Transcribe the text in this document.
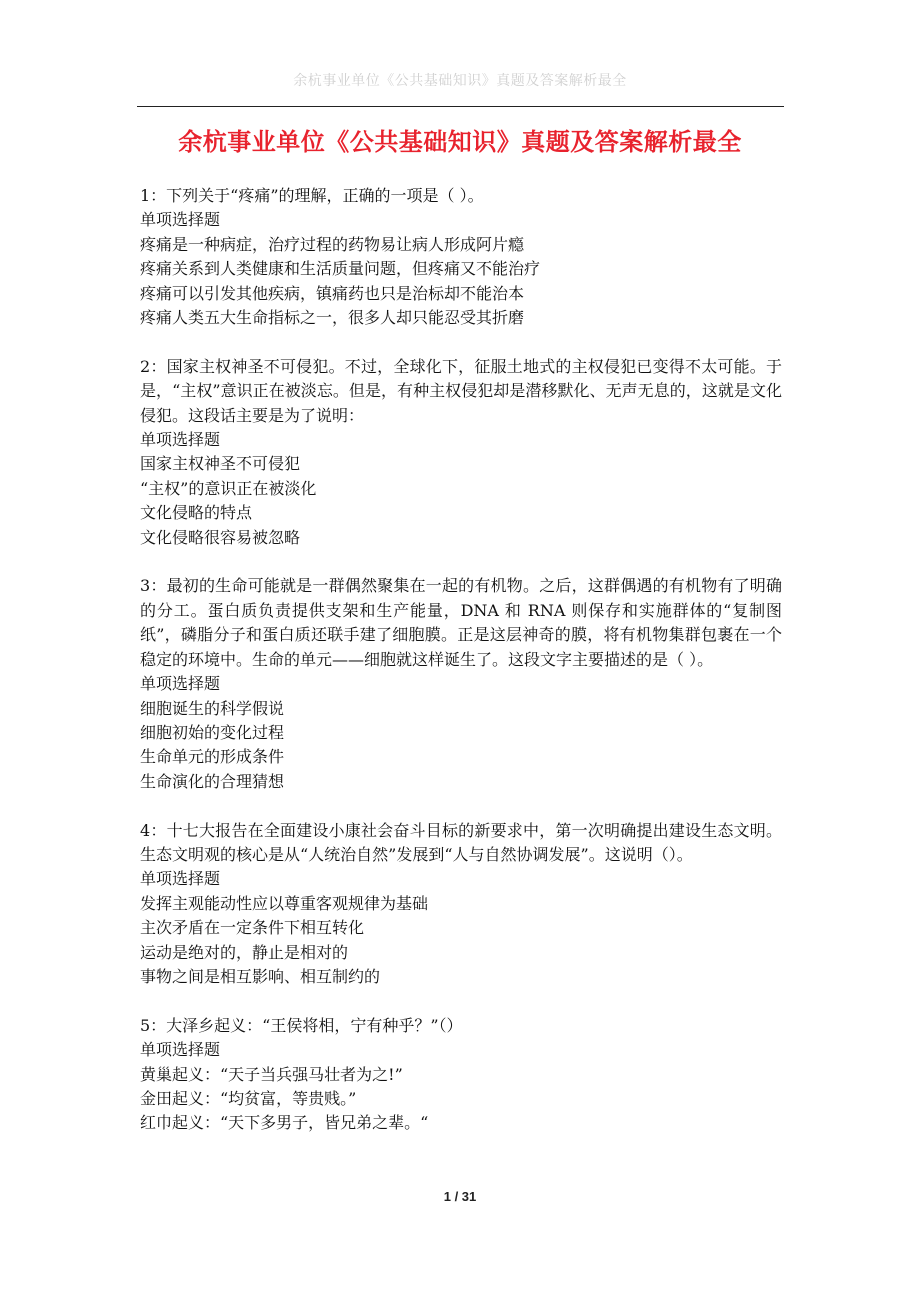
余杭事业单位《公共基础知识》真题及答案解析最全
余杭事业单位《公共基础知识》真题及答案解析最全
1：下列关于“疼痛”的理解，正确的一项是（ ）。
单项选择题
疼痛是一种病症，治疗过程的药物易让病人形成阿片瘾
疼痛关系到人类健康和生活质量问题，但疼痛又不能治疗
疼痛可以引发其他疾病，镇痛药也只是治标却不能治本
疼痛人类五大生命指标之一，很多人却只能忍受其折磨
2：国家主权神圣不可侵犯。不过，全球化下，征服土地式的主权侵犯已变得不太可能。于是，“主权”意识正在被淡忘。但是，有种主权侵犯却是潜移默化、无声无息的，这就是文化侵犯。这段话主要是为了说明：
单项选择题
国家主权神圣不可侵犯
“主权”的意识正在被淡化
文化侵略的特点
文化侵略很容易被忽略
3：最初的生命可能就是一群偶然聚集在一起的有机物。之后，这群偶遇的有机物有了明确的分工。蛋白质负责提供支架和生产能量，DNA 和 RNA 则保存和实施群体的“复制图纸”，磷脂分子和蛋白质还联手建了细胞膜。正是这层神奇的膜，将有机物集群包裹在一个稳定的环境中。生命的单元——细胞就这样诞生了。这段文字主要描述的是（ ）。
单项选择题
细胞诞生的科学假说
细胞初始的变化过程
生命单元的形成条件
生命演化的合理猜想
4：十七大报告在全面建设小康社会奋斗目标的新要求中，第一次明确提出建设生态文明。生态文明观的核心是从“人统治自然”发展到“人与自然协调发展”。这说明（）。
单项选择题
发挥主观能动性应以尊重客观规律为基础
主次矛盾在一定条件下相互转化
运动是绝对的，静止是相对的
事物之间是相互影响、相互制约的
5：大泽乡起义：“王侯将相，宁有种乎？”（）
单项选择题
黄巢起义：“天子当兵强马壮者为之!”
金田起义：“均贫富，等贵贱。”
红巾起义：“天下多男子，皆兄弟之辈。“
1 / 31
